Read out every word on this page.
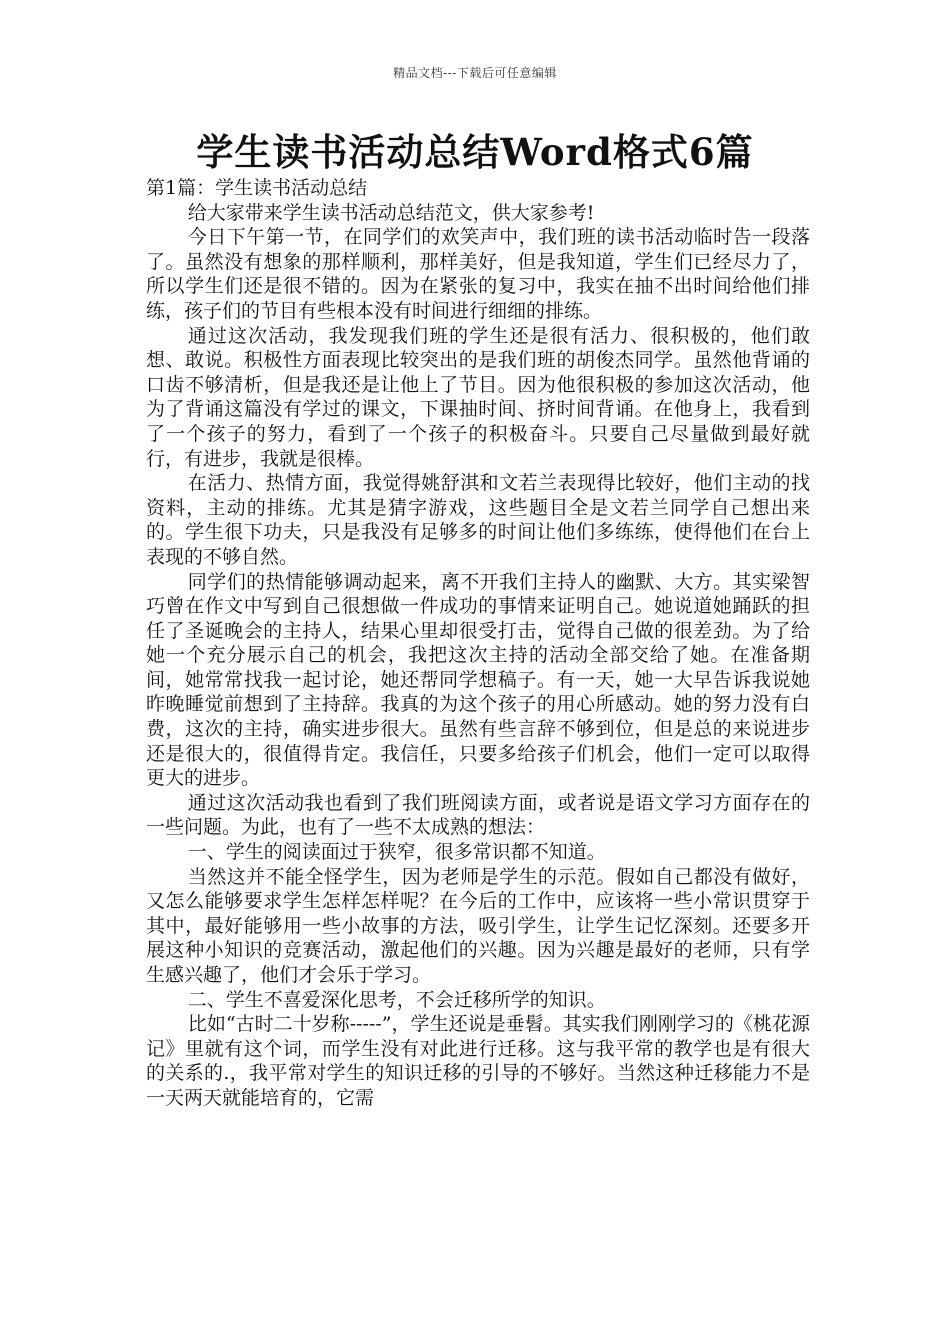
精品文档---下载后可任意编辑
学生读书活动总结Word格式6篇

第1篇：学生读书活动总结

给大家带来学生读书活动总结范文，供大家参考!

今日下午第一节，在同学们的欢笑声中，我们班的读书活动临时告一段落了。虽然没有想象的那样顺利，那样美好，但是我知道，学生们已经尽力了，所以学生们还是很不错的。因为在紧张的复习中，我实在抽不出时间给他们排练，孩子们的节目有些根本没有时间进行细细的排练。

通过这次活动，我发现我们班的学生还是很有活力、很积极的，他们敢想、敢说。积极性方面表现比较突出的是我们班的胡俊杰同学。虽然他背诵的口齿不够清析，但是我还是让他上了节目。因为他很积极的参加这次活动，他为了背诵这篇没有学过的课文，下课抽时间、挤时间背诵。在他身上，我看到了一个孩子的努力，看到了一个孩子的积极奋斗。只要自己尽量做到最好就行，有进步，我就是很棒。

在活力、热情方面，我觉得姚舒淇和文若兰表现得比较好，他们主动的找资料，主动的排练。尤其是猜字游戏，这些题目全是文若兰同学自己想出来的。学生很下功夫，只是我没有足够多的时间让他们多练练，使得他们在台上表现的不够自然。

同学们的热情能够调动起来，离不开我们主持人的幽默、大方。其实梁智巧曾在作文中写到自己很想做一件成功的事情来证明自己。她说道她踊跃的担任了圣诞晚会的主持人，结果心里却很受打击，觉得自己做的很差劲。为了给她一个充分展示自己的机会，我把这次主持的活动全部交给了她。在准备期间，她常常找我一起讨论，她还帮同学想稿子。有一天，她一大早告诉我说她昨晚睡觉前想到了主持辞。我真的为这个孩子的用心所感动。她的努力没有白费，这次的主持，确实进步很大。虽然有些言辞不够到位，但是总的来说进步还是很大的，很值得肯定。我信任，只要多给孩子们机会，他们一定可以取得更大的进步。

通过这次活动我也看到了我们班阅读方面，或者说是语文学习方面存在的一些问题。为此，也有了一些不太成熟的想法：

一、学生的阅读面过于狭窄，很多常识都不知道。

当然这并不能全怪学生，因为老师是学生的示范。假如自己都没有做好，又怎么能够要求学生怎样怎样呢？在今后的工作中，应该将一些小常识贯穿于其中，最好能够用一些小故事的方法，吸引学生，让学生记忆深刻。还要多开展这种小知识的竞赛活动，激起他们的兴趣。因为兴趣是最好的老师，只有学生感兴趣了，他们才会乐于学习。

二、学生不喜爱深化思考，不会迁移所学的知识。

比如“古时二十岁称-----”，学生还说是垂髫。其实我们刚刚学习的《桃花源记》里就有这个词，而学生没有对此进行迁移。这与我平常的教学也是有很大的关系的.，我平常对学生的知识迁移的引导的不够好。当然这种迁移能力不是一天两天就能培育的，它需
